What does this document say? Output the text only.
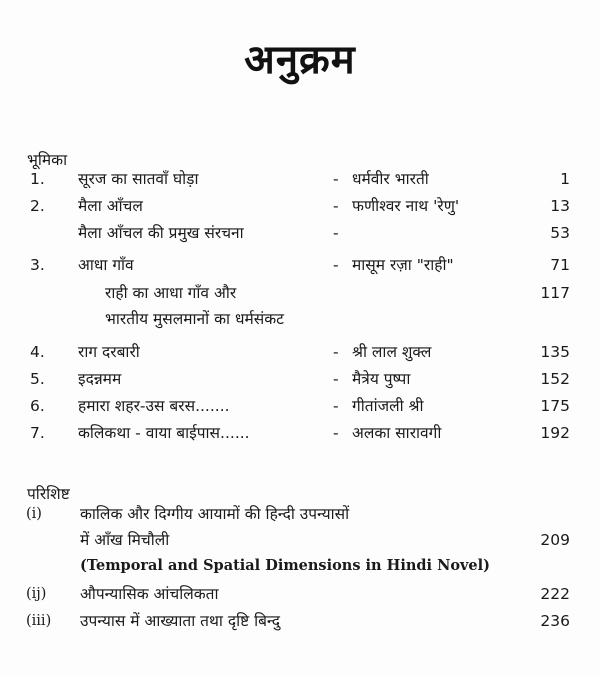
अनुक्रम
भूमिका
1. सूरज का सातवाँ घोड़ा	- धर्मवीर भारती	1
2. मैला आँचल	- फणीश्वर नाथ 'रेणु'	13
मैला आँचल की प्रमुख संरचना	-	53
3. आधा गाँव	- मासूम रज़ा "राही"	71
राही का आधा गाँव और	117
भारतीय मुसलमानों का धर्मसंकट
4. राग दरबारी	- श्री लाल शुक्ल	135
5. इदन्नमम	- मैत्रेय पुष्पा	152
6. हमारा शहर-उस बरस.......	- गीतांजली श्री	175
7. कलिकथा - वाया बाईपास......	- अलका सारावगी	192
परिशिष्ट
(i) कालिक और दिग्गीय आयामों की हिन्दी उपन्यासों
में आँख मिचौली	209
(Temporal and Spatial Dimensions in Hindi Novel)
(ij) औपन्यासिक आंचलिकता	222
(iii) उपन्यास में आख्याता तथा दृष्टि बिन्दु	236
